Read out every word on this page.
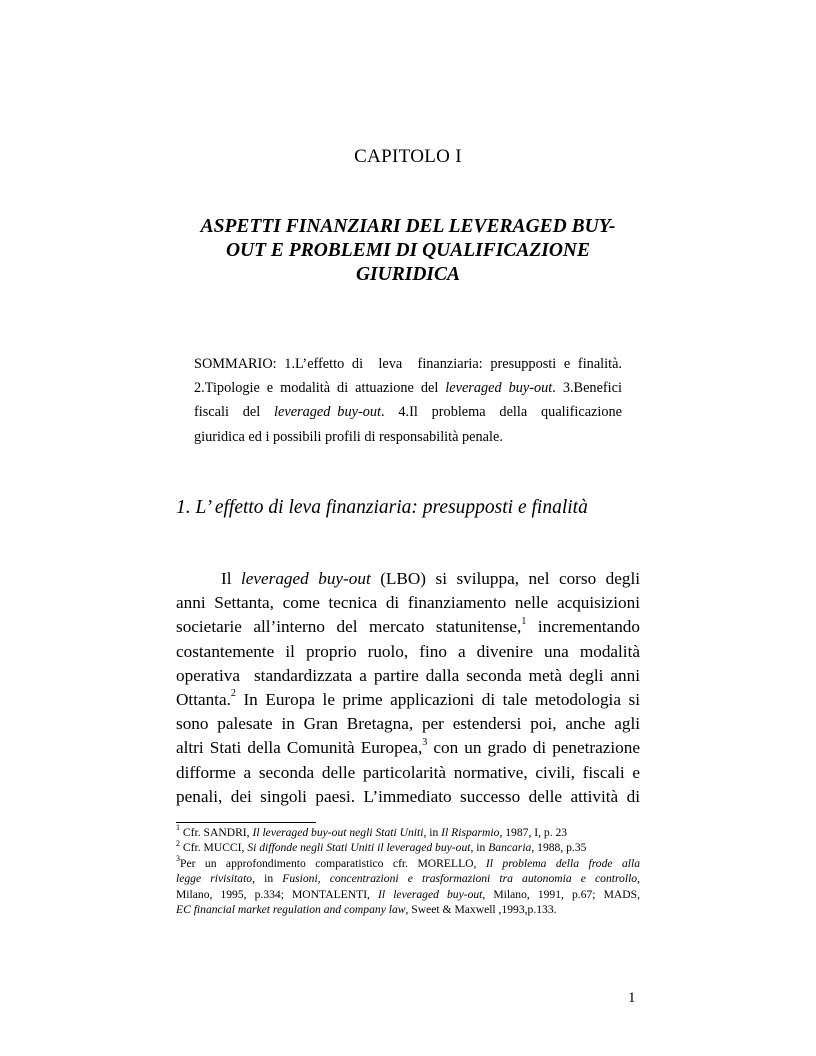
CAPITOLO I
ASPETTI FINANZIARI DEL LEVERAGED BUY-
OUT E PROBLEMI DI QUALIFICAZIONE
GIURIDICA
SOMMARIO: 1.L’effetto di  leva  finanziaria: presupposti e finalità.
2.Tipologie e modalità di attuazione del leveraged buy-out. 3.Benefici
fiscali  del  leveraged buy-out.  4.Il  problema  della  qualificazione
giuridica ed i possibili profili di responsabilità penale.
1. L’ effetto di leva finanziaria: presupposti e finalità
Il leveraged buy-out (LBO) si sviluppa, nel corso degli
anni Settanta, come tecnica di finanziamento nelle acquisizioni
societarie all’interno del mercato statunitense,$^1$ incrementando
costantemente il proprio ruolo, fino a divenire una modalità
operativa  standardizzata a partire dalla seconda metà degli anni
Ottanta.$^2$ In Europa le prime applicazioni di tale metodologia si
sono palesate in Gran Bretagna, per estendersi poi, anche agli
altri Stati della Comunità Europea,$^3$ con un grado di penetrazione
difforme a seconda delle particolarità normative, civili, fiscali e
penali, dei singoli paesi. L’immediato successo delle attività di
$^1$ Cfr. SANDRI, Il leveraged buy-out negli Stati Uniti, in Il Risparmio, 1987, I, p. 23
$^2$ Cfr. MUCCI, Si diffonde negli Stati Uniti il leveraged buy-out, in Bancaria, 1988, p.35
$^3$Per un approfondimento comparatistico cfr. MORELLO, Il problema della frode alla
legge rivisitato, in Fusioni, concentrazioni e trasformazioni tra autonomia e controllo,
Milano, 1995, p.334; MONTALENTI, Il leveraged buy-out, Milano, 1991, p.67; MADS,
EC financial market regulation and company law, Sweet & Maxwell ,1993,p.133.
1
